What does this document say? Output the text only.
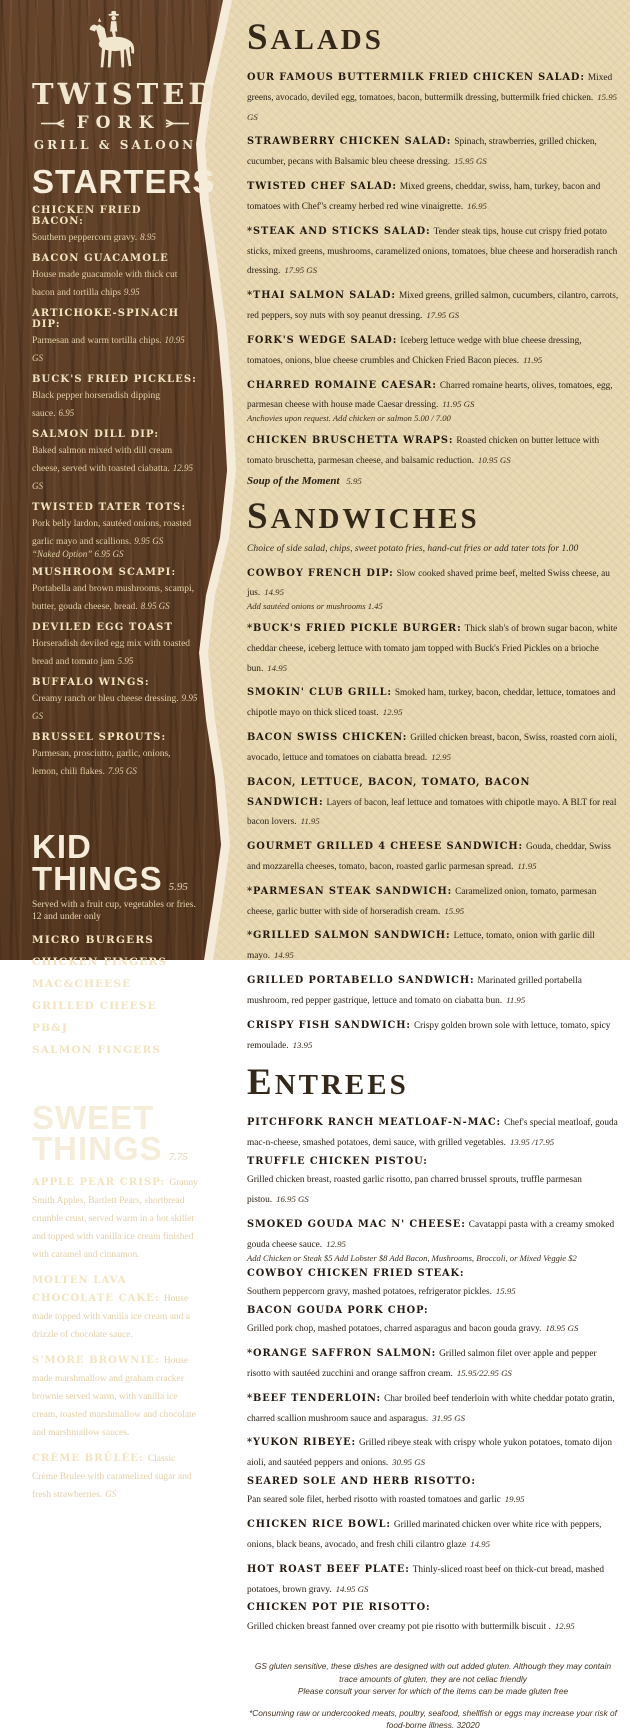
TWISTED
FORK
GRILL & SALOON
STARTERS
CHICKEN FRIED BACON:
Southern peppercorn gravy. 8.95
BACON GUACAMOLE
House made guacamole with thick cut bacon and tortilla chips 9.95
ARTICHOKE-SPINACH DIP:
Parmesan and warm tortilla chips. 10.95 GS
BUCK'S FRIED PICKLES:
Black pepper horseradish dipping sauce. 6.95
SALMON DILL DIP:
Baked salmon mixed with dill cream cheese, served with toasted ciabatta. 12.95 GS
TWISTED TATER TOTS:
Pork belly lardon, sautéed onions, roasted garlic mayo and scallions. 9.95 GS
“Naked Option” 6.95 GS
MUSHROOM SCAMPI:
Portabella and brown mushrooms, scampi, butter, gouda cheese, bread. 8.95 GS
DEVILED EGG TOAST
Horseradish deviled egg mix with toasted bread and tomato jam 5.95
BUFFALO WINGS:
Creamy ranch or bleu cheese dressing. 9.95 GS
BRUSSEL SPROUTS:
Parmesan, prosciutto, garlic, onions, lemon, chili flakes. 7.95 GS
KID THINGS 5.95
Served with a fruit cup, vegetables or fries.
12 and under only
MICRO BURGERS
CHICKEN FINGERS
MAC&CHEESE
GRILLED CHEESE
PB&J
SALMON FINGERS
SWEET
THINGS 7.75
APPLE PEAR CRISP: Granny Smith Apples, Bartlett Pears, shortbread crumble crust, served warm in a hot skillet and topped with vanilla ice cream finished with caramel and cinnamon.
MOLTEN LAVA CHOCOLATE CAKE: House made topped with vanilla ice cream and a drizzle of chocolate sauce.
S'MORE BROWNIE: House made marshmallow and graham cracker brownie served warm, with vanilla ice cream, toasted marshmallow and chocolate and marshmallow sauces.
CRÈME BRÛLÉE: Classic Crème Brulee with caramelized sugar and fresh strawberries. GS
SALADS
OUR FAMOUS BUTTERMILK FRIED CHICKEN SALAD: Mixed greens, avocado, deviled egg, tomatoes, bacon, buttermilk dressing, buttermilk fried chicken. 15.95 GS
STRAWBERRY CHICKEN SALAD: Spinach, strawberries, grilled chicken, cucumber, pecans with Balsamic bleu cheese dressing. 15.95 GS
TWISTED CHEF SALAD: Mixed greens, cheddar, swiss, ham, turkey, bacon and tomatoes with Chef''s creamy herbed red wine vinaigrette. 16.95
*STEAK AND STICKS SALAD: Tender steak tips, house cut crispy fried potato sticks, mixed greens, mushrooms, caramelized onions, tomatoes, blue cheese and horseradish ranch dressing. 17.95 GS
*THAI SALMON SALAD: Mixed greens, grilled salmon, cucumbers, cilantro, carrots, red peppers, soy nuts with soy peanut dressing. 17.95 GS
FORK'S WEDGE SALAD: Iceberg lettuce wedge with blue cheese dressing, tomatoes, onions, blue cheese crumbles and Chicken Fried Bacon pieces. 11.95
CHARRED ROMAINE CAESAR: Charred romaine hearts, olives, tomatoes, egg, parmesan cheese with house made Caesar dressing. 11.95 GS
Anchovies upon request. Add chicken or salmon 5.00 / 7.00
CHICKEN BRUSCHETTA WRAPS: Roasted chicken on butter lettuce with tomato bruschetta, parmesan cheese, and balsamic reduction. 10.95 GS
Soup of the Moment 5.95
SANDWICHES
Choice of side salad, chips, sweet potato fries, hand-cut fries or add tater tots for 1.00
COWBOY FRENCH DIP: Slow cooked shaved prime beef, melted Swiss cheese, au jus. 14.95
Add sautéed onions or mushrooms 1.45
*BUCK'S FRIED PICKLE BURGER: Thick slab's of brown sugar bacon, white cheddar cheese, iceberg lettuce with tomato jam topped with Buck's Fried Pickles on a brioche bun. 14.95
SMOKIN' CLUB GRILL: Smoked ham, turkey, bacon, cheddar, lettuce, tomatoes and chipotle mayo on thick sliced toast. 12.95
BACON SWISS CHICKEN: Grilled chicken breast, bacon, Swiss, roasted corn aioli, avocado, lettuce and tomatoes on ciabatta bread. 12.95
BACON, LETTUCE, BACON, TOMATO, BACON SANDWICH: Layers of bacon, leaf lettuce and tomatoes with chipotle mayo. A BLT for real bacon lovers. 11.95
GOURMET GRILLED 4 CHEESE SANDWICH: Gouda, cheddar, Swiss and mozzarella cheeses, tomato, bacon, roasted garlic parmesan spread. 11.95
*PARMESAN STEAK SANDWICH: Caramelized onion, tomato, parmesan cheese, garlic butter with side of horseradish cream. 15.95
*GRILLED SALMON SANDWICH: Lettuce, tomato, onion with garlic dill mayo. 14.95
GRILLED PORTABELLO SANDWICH: Marinated grilled portabella mushroom, red pepper gastrique, lettuce and tomato on ciabatta bun. 11.95
CRISPY FISH SANDWICH: Crispy golden brown sole with lettuce, tomato, spicy remoulade. 13.95
ENTREES
PITCHFORK RANCH MEATLOAF-N-MAC: Chef's special meatloaf, gouda mac-n-cheese, smashed potatoes, demi sauce, with grilled vegetables. 13.95 /17.95
TRUFFLE CHICKEN PISTOU:
Grilled chicken breast, roasted garlic risotto, pan charred brussel sprouts, truffle parmesan pistou. 16.95 GS
SMOKED GOUDA MAC N' CHEESE: Cavatappi pasta with a creamy smoked gouda cheese sauce. 12.95
Add Chicken or Steak $5 Add Lobster $8 Add Bacon, Mushrooms, Broccoli, or Mixed Veggie $2
COWBOY CHICKEN FRIED STEAK:
Southern peppercorn gravy, mashed potatoes, refrigerator pickles. 15.95
BACON GOUDA PORK CHOP:
Grilled pork chop, mashed potatoes, charred asparagus and bacon gouda gravy. 18.95 GS
*ORANGE SAFFRON SALMON: Grilled salmon filet over apple and pepper risotto with sautéed zucchini and orange saffron cream. 15.95/22.95 GS
*BEEF TENDERLOIN: Char broiled beef tenderloin with white cheddar potato gratin, charred scallion mushroom sauce and asparagus. 31.95 GS
*YUKON RIBEYE: Grilled ribeye steak with crispy whole yukon potatoes, tomato dijon aioli, and sautéed peppers and onions. 30.95 GS
SEARED SOLE AND HERB RISOTTO:
Pan seared sole filet, herbed risotto with roasted tomatoes and garlic 19.95
CHICKEN RICE BOWL: Grilled marinated chicken over white rice with peppers, onions, black beans, avocado, and fresh chili cilantro glaze 14.95
HOT ROAST BEEF PLATE: Thinly-sliced roast beef on thick-cut bread, mashed potatoes, brown gravy. 14.95 GS
CHICKEN POT PIE RISOTTO:
Grilled chicken breast fanned over creamy pot pie risotto with buttermilk biscuit . 12.95
GS gluten sensitive, these dishes are designed with out added gluten. Although they may contain trace amounts of gluten, they are not celiac friendly
Please consult your server for which of the items can be made gluten free
*Consuming raw or undercooked meats, poultry, seafood, shellfish or eggs may increase your risk of food-borne illness. 32020
